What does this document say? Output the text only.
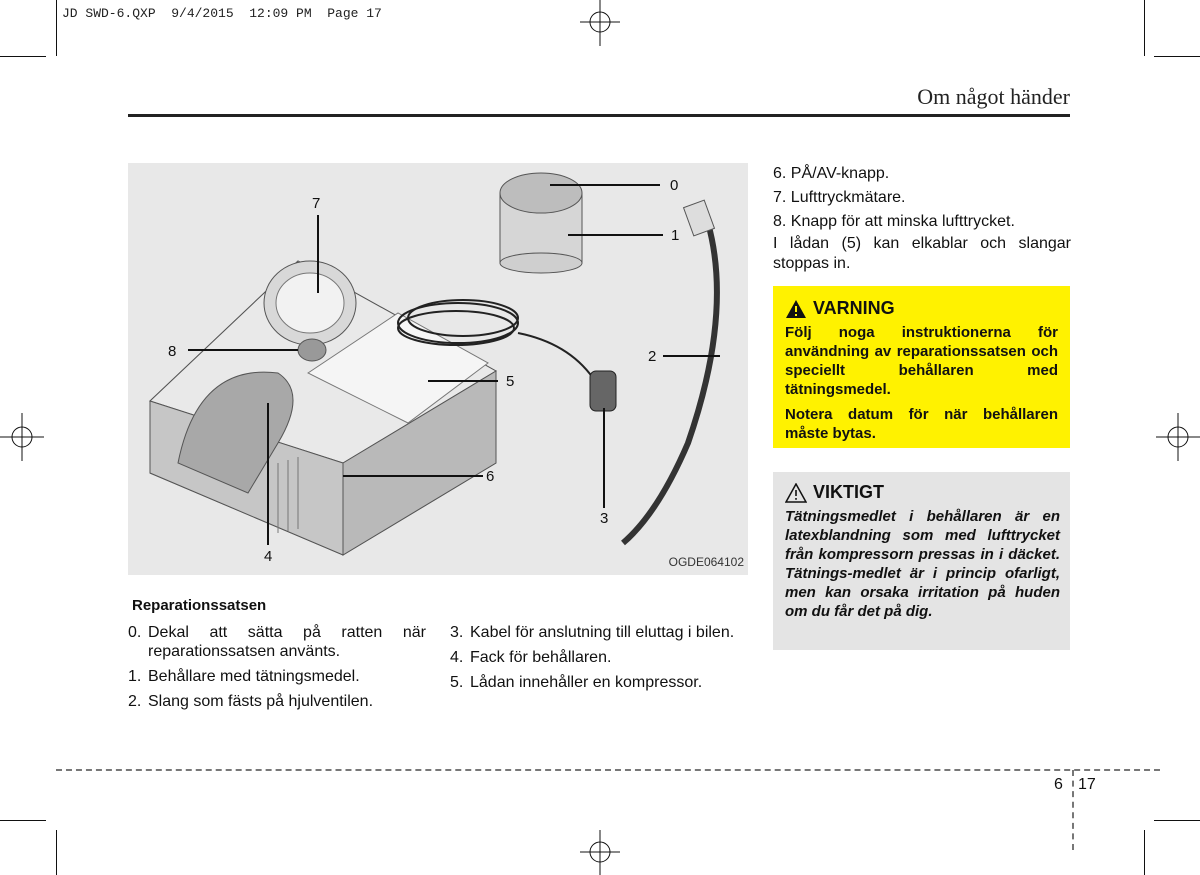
JD SWD-6.QXP  9/4/2015  12:09 PM  Page 17
Om något händer
7
8
0
1
2
5
6
3
4	OGDE064102
Reparationssatsen
0. Dekal att sätta på ratten när reparationssatsen använts.
1. Behållare med tätningsmedel.
2. Slang som fästs på hjulventilen.
3. Kabel för anslutning till eluttag i bilen.
4. Fack för behållaren.
5. Lådan innehåller en kompressor.

6. PÅ/AV-knapp.

7. Lufttryckmätare.

8. Knapp för att minska lufttrycket.

I lådan (5) kan elkablar och slangar stoppas in.

VARNING
Följ noga instruktionerna för användning av reparationssatsen och speciellt behållaren med tätningsmedel.
Notera datum för när behållaren måste bytas.
VIKTIGT
Tätningsmedlet i behållaren är en latexblandning som med lufttrycket från kompressorn pressas in i däcket. Tätnings-medlet är i princip ofarligt, men kan orsaka irritation på huden om du får det på dig.
6 17
